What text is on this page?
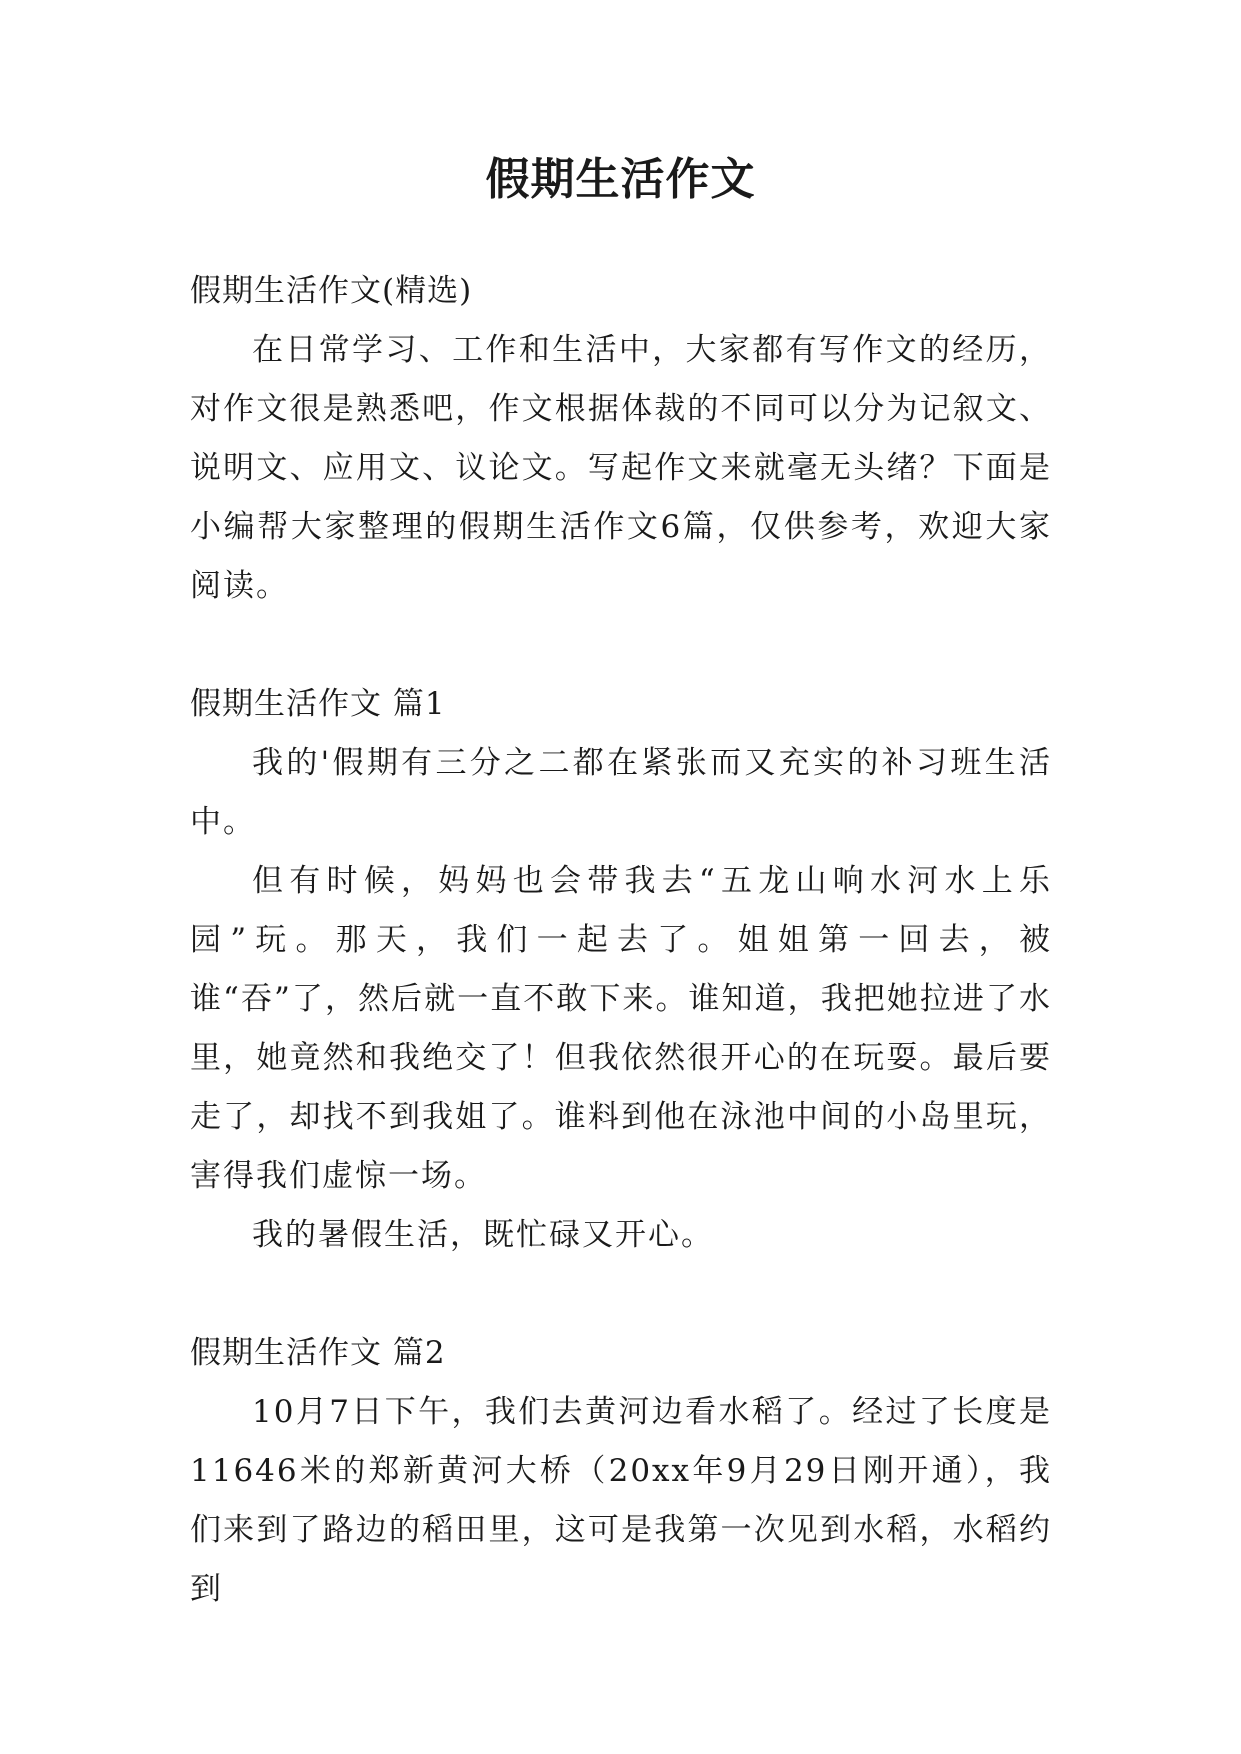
假期生活作文

假期生活作文(精选)

在日常学习、工作和生活中，大家都有写作文的经历，对作文很是熟悉吧，作文根据体裁的不同可以分为记叙文、说明文、应用文、议论文。写起作文来就毫无头绪？下面是小编帮大家整理的假期生活作文6篇，仅供参考，欢迎大家阅读。

假期生活作文 篇1

我的'假期有三分之二都在紧张而又充实的补习班生活中。

但有时候，妈妈也会带我去“五龙山响水河水上乐园”玩。那天，我们一起去了。姐姐第一回去，被谁“吞”了，然后就一直不敢下来。谁知道，我把她拉进了水里，她竟然和我绝交了！但我依然很开心的在玩耍。最后要走了，却找不到我姐了。谁料到他在泳池中间的小岛里玩，害得我们虚惊一场。

我的暑假生活，既忙碌又开心。

假期生活作文 篇2

10月7日下午，我们去黄河边看水稻了。经过了长度是11646米的郑新黄河大桥（20xx年9月29日刚开通），我们来到了路边的稻田里，这可是我第一次见到水稻，水稻约到
